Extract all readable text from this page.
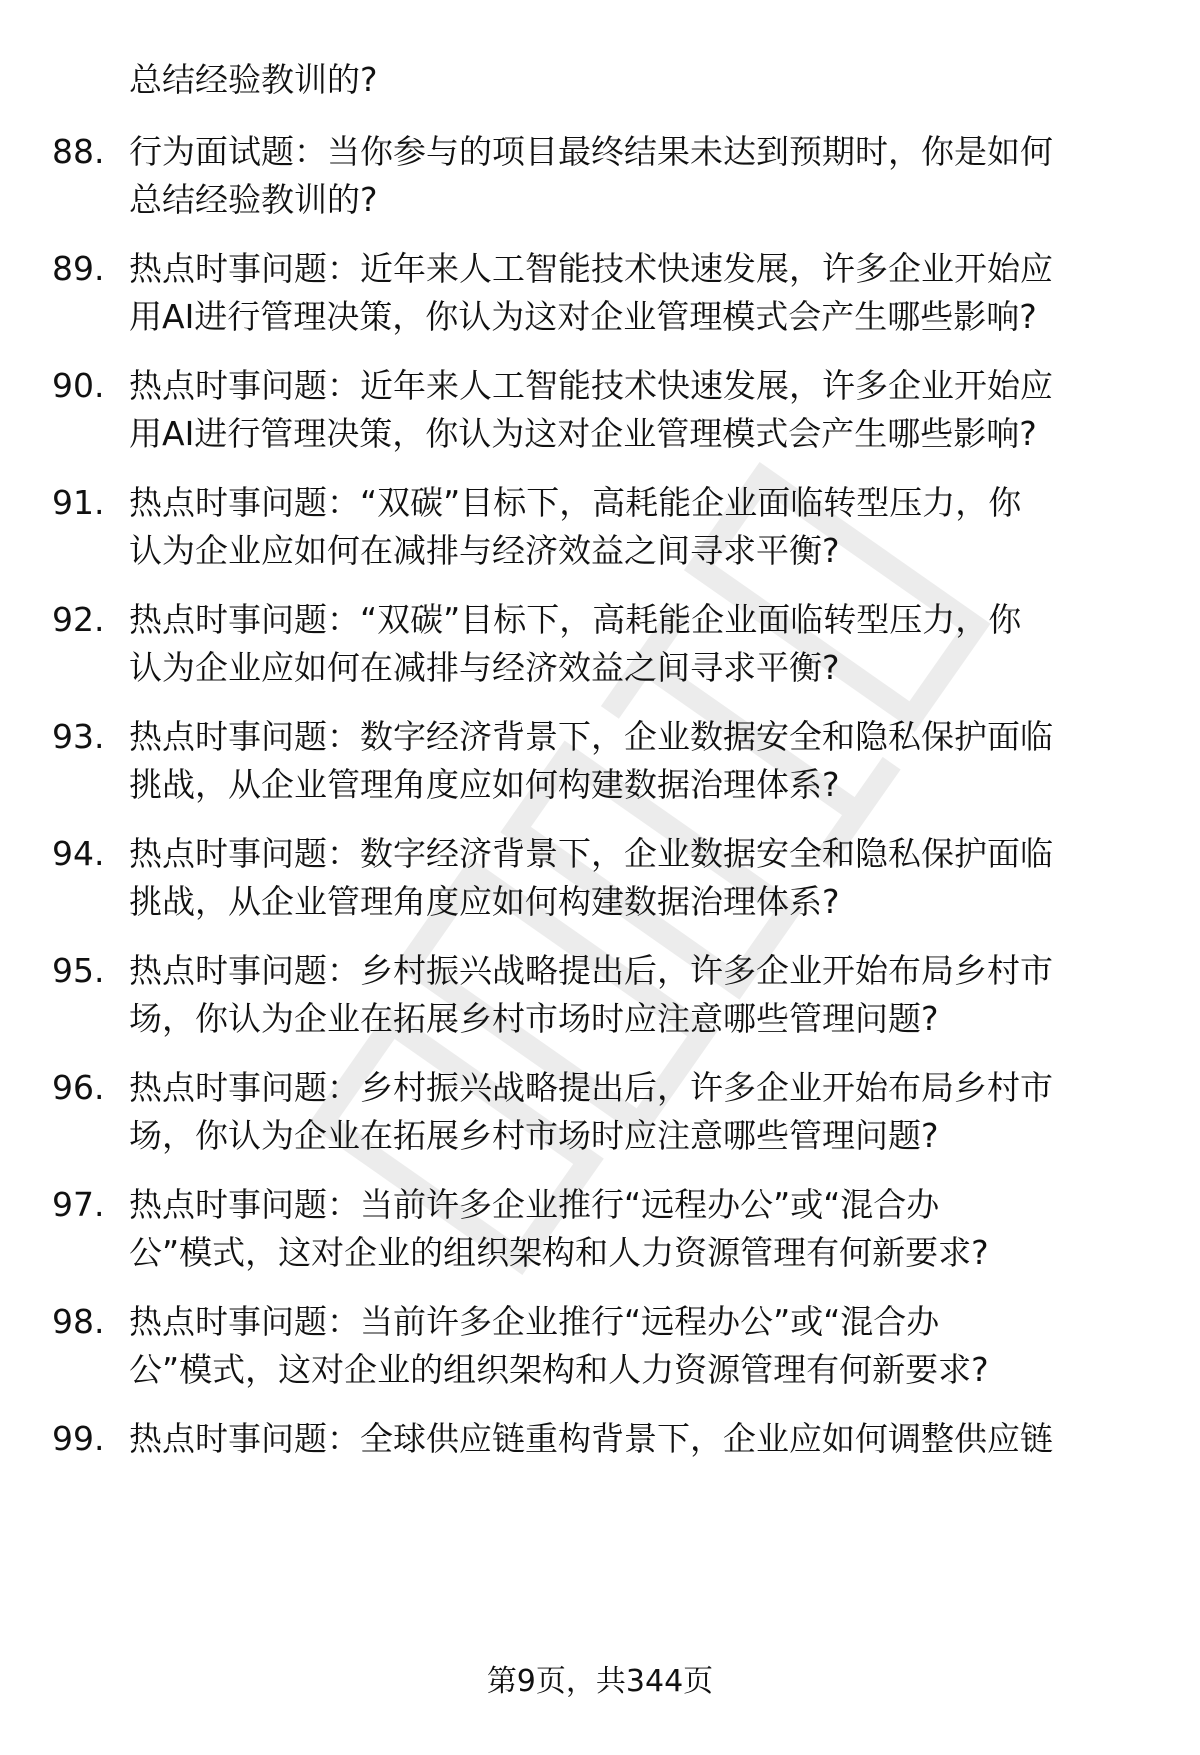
总结经验教训的?
88. 行为面试题：当你参与的项目最终结果未达到预期时，你是如何
总结经验教训的?
89. 热点时事问题：近年来人工智能技术快速发展，许多企业开始应
用AI进行管理决策，你认为这对企业管理模式会产生哪些影响?
90. 热点时事问题：近年来人工智能技术快速发展，许多企业开始应
用AI进行管理决策，你认为这对企业管理模式会产生哪些影响?
91. 热点时事问题：“双碳”目标下，高耗能企业面临转型压力，你
认为企业应如何在减排与经济效益之间寻求平衡?
92. 热点时事问题：“双碳”目标下，高耗能企业面临转型压力，你
认为企业应如何在减排与经济效益之间寻求平衡?
93. 热点时事问题：数字经济背景下，企业数据安全和隐私保护面临
挑战，从企业管理角度应如何构建数据治理体系?
94. 热点时事问题：数字经济背景下，企业数据安全和隐私保护面临
挑战，从企业管理角度应如何构建数据治理体系?
95. 热点时事问题：乡村振兴战略提出后，许多企业开始布局乡村市
场，你认为企业在拓展乡村市场时应注意哪些管理问题?
96. 热点时事问题：乡村振兴战略提出后，许多企业开始布局乡村市
场，你认为企业在拓展乡村市场时应注意哪些管理问题?
97. 热点时事问题：当前许多企业推行“远程办公”或“混合办
公”模式，这对企业的组织架构和人力资源管理有何新要求?
98. 热点时事问题：当前许多企业推行“远程办公”或“混合办
公”模式，这对企业的组织架构和人力资源管理有何新要求?
99. 热点时事问题：全球供应链重构背景下，企业应如何调整供应链
第9页，共344页
